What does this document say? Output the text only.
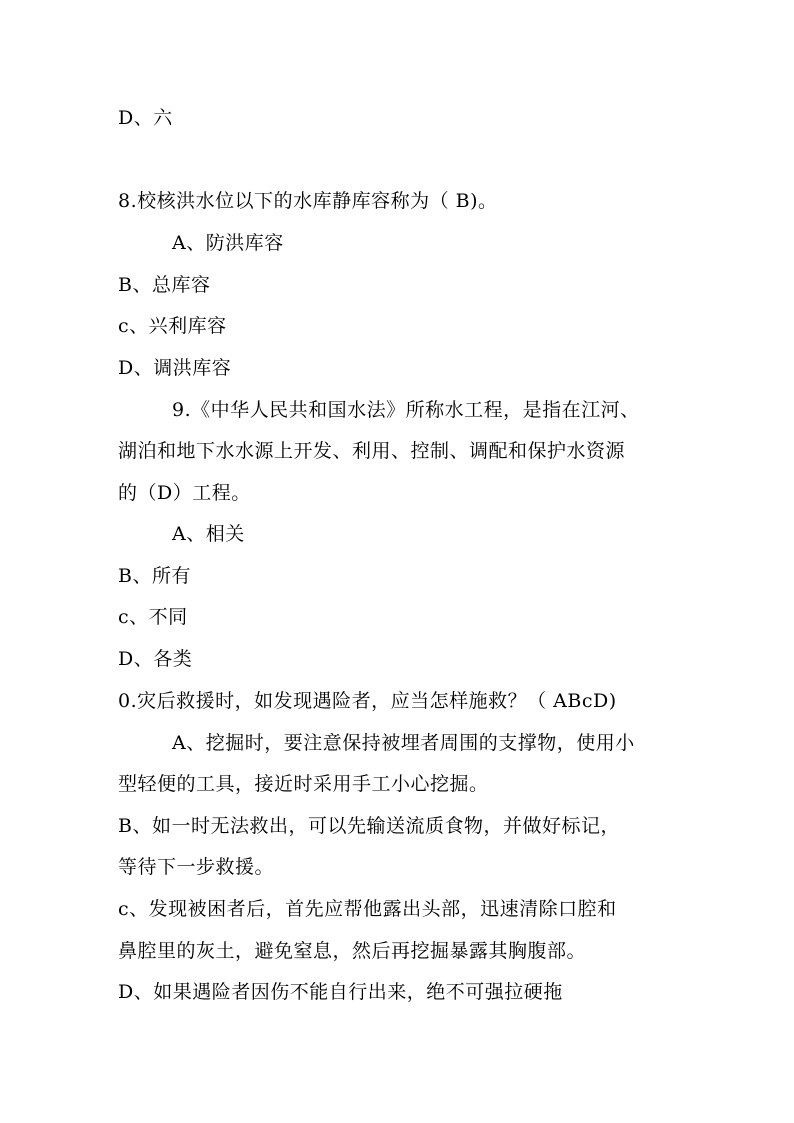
D、六
8.校核洪水位以下的水库静库容称为（ B)。
A、防洪库容
B、总库容
c、兴利库容
D、调洪库容
9.《中华人民共和国水法》所称水工程，是指在江河、
湖泊和地下水水源上开发、利用、控制、调配和保护水资源
的（D）工程。
A、相关
B、所有
c、不同
D、各类
0.灾后救援时，如发现遇险者，应当怎样施救？（ ABcD)
A、挖掘时，要注意保持被埋者周围的支撑物，使用小
型轻便的工具，接近时采用手工小心挖掘。
B、如一时无法救出，可以先输送流质食物，并做好标记，
等待下一步救援。
c、发现被困者后，首先应帮他露出头部，迅速清除口腔和
鼻腔里的灰土，避免窒息，然后再挖掘暴露其胸腹部。
D、如果遇险者因伤不能自行出来，绝不可强拉硬拖
